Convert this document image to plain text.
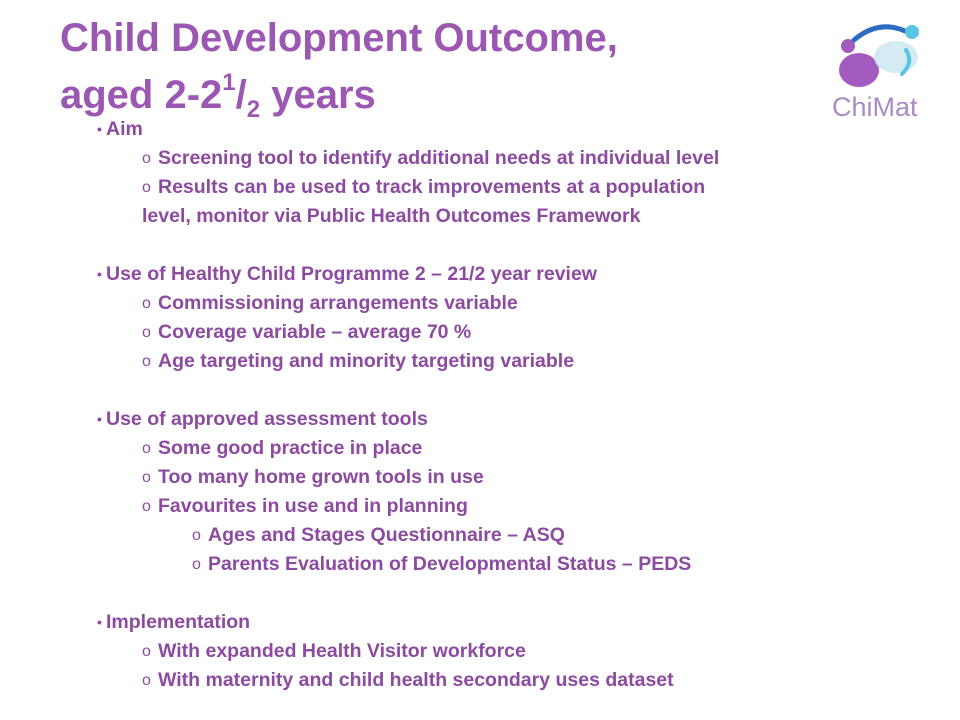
Child Development Outcome,
aged $2-2^1/_2$ years	ChiMat
• Aim
o Screening tool to identify additional needs at individual level
o Results can be used to track improvements at a population
level, monitor via Public Health Outcomes Framework
• Use of Healthy Child Programme 2 – 21/2 year review
o Commissioning arrangements variable
o Coverage variable – average 70 %
o Age targeting and minority targeting variable
• Use of approved assessment tools
o Some good practice in place
o Too many home grown tools in use
o Favourites in use and in planning
o Ages and Stages Questionnaire – ASQ
o Parents Evaluation of Developmental Status – PEDS
• Implementation
o With expanded Health Visitor workforce
o With maternity and child health secondary uses dataset
